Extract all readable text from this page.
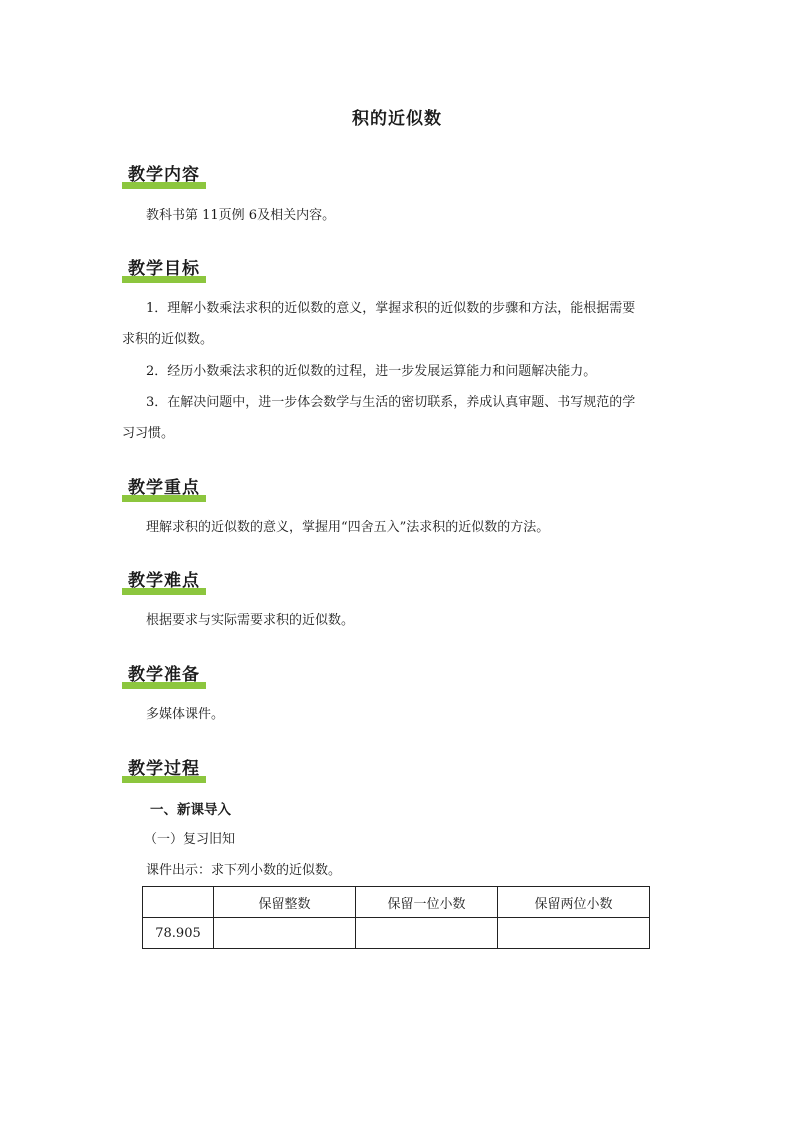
积的近似数
教学内容
教科书第 11页例 6及相关内容。
教学目标
1．理解小数乘法求积的近似数的意义，掌握求积的近似数的步骤和方法，能根据需要
求积的近似数。
2．经历小数乘法求积的近似数的过程，进一步发展运算能力和问题解决能力。
3．在解决问题中，进一步体会数学与生活的密切联系，养成认真审题、书写规范的学
习习惯。
教学重点
理解求积的近似数的意义，掌握用“四舍五入”法求积的近似数的方法。
教学难点
根据要求与实际需要求积的近似数。
教学准备
多媒体课件。
教学过程
一、新课导入
（一）复习旧知
课件出示：求下列小数的近似数。
	保留整数	保留一位小数	保留两位小数
78.905			
